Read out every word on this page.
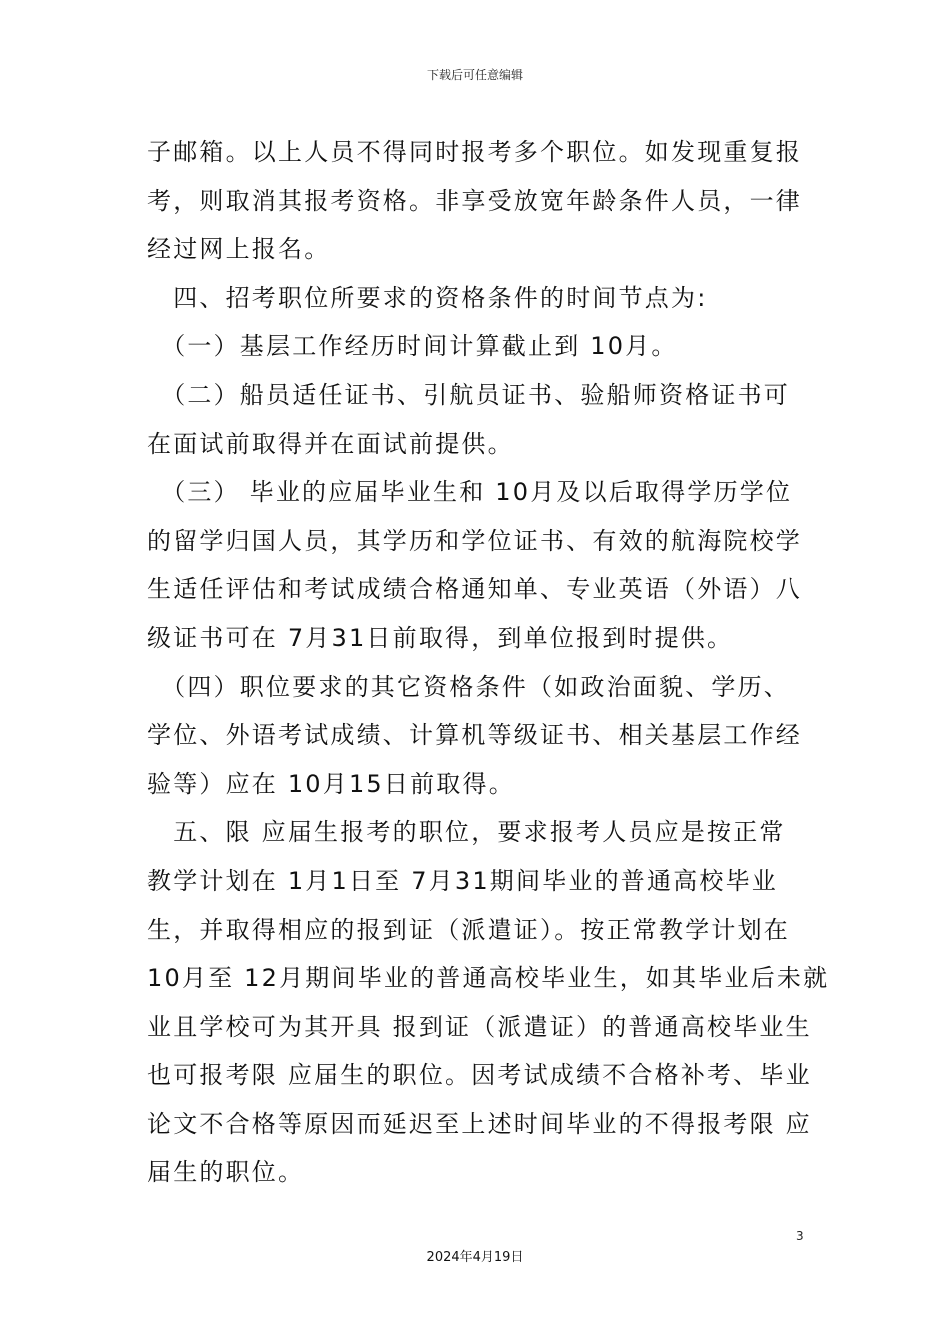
下载后可任意编辑
子邮箱。以上人员不得同时报考多个职位。如发现重复报
考，则取消其报考资格。非享受放宽年龄条件人员，一律
经过网上报名。
　四、招考职位所要求的资格条件的时间节点为:
　（一）基层工作经历时间计算截止到 10月。
　（二）船员适任证书、引航员证书、验船师资格证书可
在面试前取得并在面试前提供。
　（三） 毕业的应届毕业生和 10月及以后取得学历学位
的留学归国人员，其学历和学位证书、有效的航海院校学
生适任评估和考试成绩合格通知单、专业英语（外语）八
级证书可在 7月31日前取得，到单位报到时提供。
　（四）职位要求的其它资格条件（如政治面貌、学历、
学位、外语考试成绩、计算机等级证书、相关基层工作经
验等）应在 10月15日前取得。
　五、限 应届生报考的职位，要求报考人员应是按正常
教学计划在 1月1日至 7月31期间毕业的普通高校毕业
生，并取得相应的报到证（派遣证）。按正常教学计划在
10月至 12月期间毕业的普通高校毕业生，如其毕业后未就
业且学校可为其开具 报到证（派遣证）的普通高校毕业生
也可报考限 应届生的职位。因考试成绩不合格补考、毕业
论文不合格等原因而延迟至上述时间毕业的不得报考限 应
届生的职位。
3
2024年4月19日
